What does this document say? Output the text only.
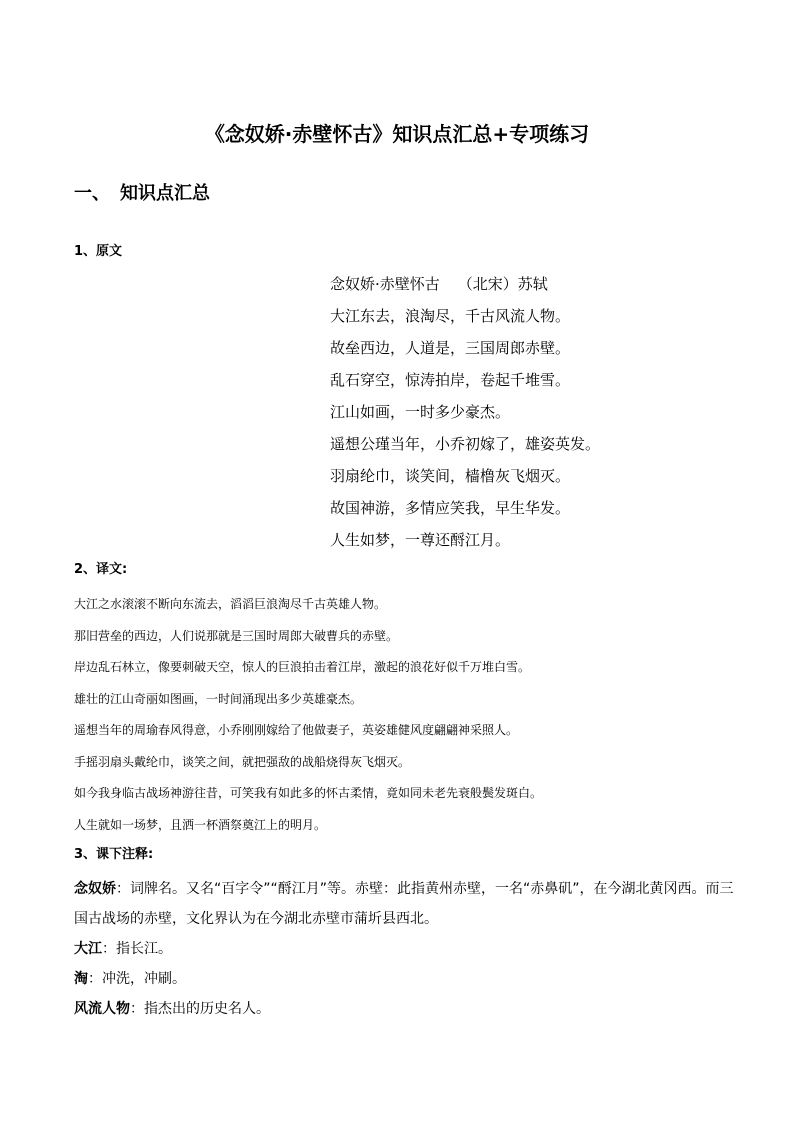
《念奴娇·赤壁怀古》知识点汇总+专项练习
一、 知识点汇总
1、原文
念奴娇·赤壁怀古 （北宋）苏轼
大江东去，浪淘尽，千古风流人物。
故垒西边，人道是，三国周郎赤壁。
乱石穿空，惊涛拍岸，卷起千堆雪。
江山如画，一时多少豪杰。
遥想公瑾当年，小乔初嫁了，雄姿英发。
羽扇纶巾，谈笑间，樯橹灰飞烟灭。
故国神游，多情应笑我，早生华发。
人生如梦，一尊还酹江月。
2、译文:
大江之水滚滚不断向东流去，滔滔巨浪淘尽千古英雄人物。
那旧营垒的西边，人们说那就是三国时周郎大破曹兵的赤壁。
岸边乱石林立，像要刺破天空，惊人的巨浪拍击着江岸，激起的浪花好似千万堆白雪。
雄壮的江山奇丽如图画，一时间涌现出多少英雄豪杰。
遥想当年的周瑜春风得意，小乔刚刚嫁给了他做妻子，英姿雄健风度翩翩神采照人。
手摇羽扇头戴纶巾，谈笑之间，就把强敌的战船烧得灰飞烟灭。
如今我身临古战场神游往昔，可笑我有如此多的怀古柔情，竟如同未老先衰般鬓发斑白。
人生就如一场梦，且洒一杯酒祭奠江上的明月。
3、课下注释:
念奴娇：词牌名。又名“百字令”“酹江月”等。赤壁：此指黄州赤壁，一名“赤鼻矶”，在今湖北黄冈西。而三国古战场的赤壁，文化界认为在今湖北赤壁市蒲圻县西北。
大江：指长江。
淘：冲洗，冲刷。
风流人物：指杰出的历史名人。
